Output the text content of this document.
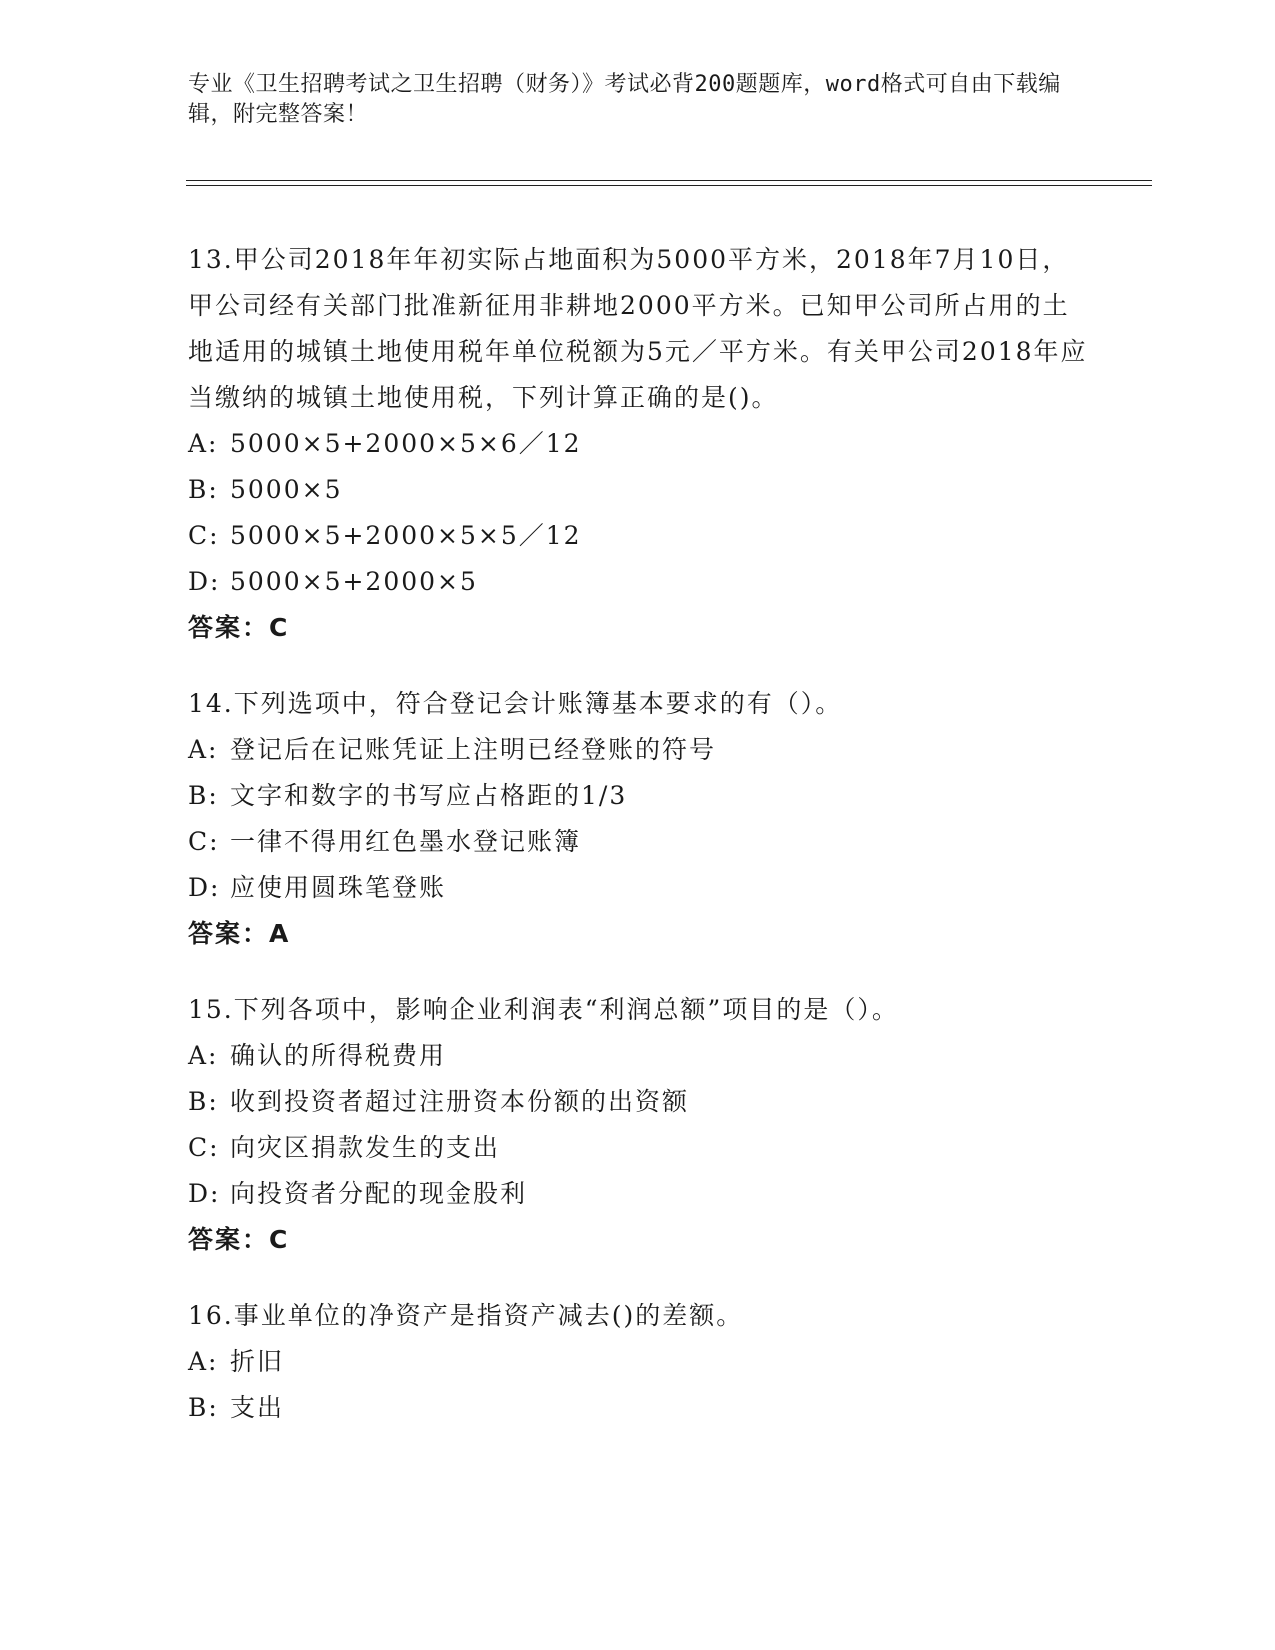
专业《卫生招聘考试之卫生招聘（财务）》考试必背200题题库，word格式可自由下载编辑，附完整答案！

13.甲公司2018年年初实际占地面积为5000平方米，2018年7月10日，甲公司经有关部门批准新征用非耕地2000平方米。已知甲公司所占用的土地适用的城镇土地使用税年单位税额为5元／平方米。有关甲公司2018年应当缴纳的城镇土地使用税，下列计算正确的是()。

A: 5000×5+2000×5×6／12

B: 5000×5

C: 5000×5+2000×5×5／12

D: 5000×5+2000×5

答案：C

14.下列选项中，符合登记会计账簿基本要求的有（）。

A: 登记后在记账凭证上注明已经登账的符号

B: 文字和数字的书写应占格距的1/3

C: 一律不得用红色墨水登记账簿

D: 应使用圆珠笔登账

答案：A

15.下列各项中，影响企业利润表“利润总额”项目的是（）。

A: 确认的所得税费用

B: 收到投资者超过注册资本份额的出资额

C: 向灾区捐款发生的支出

D: 向投资者分配的现金股利

答案：C

16.事业单位的净资产是指资产减去()的差额。

A: 折旧

B: 支出
